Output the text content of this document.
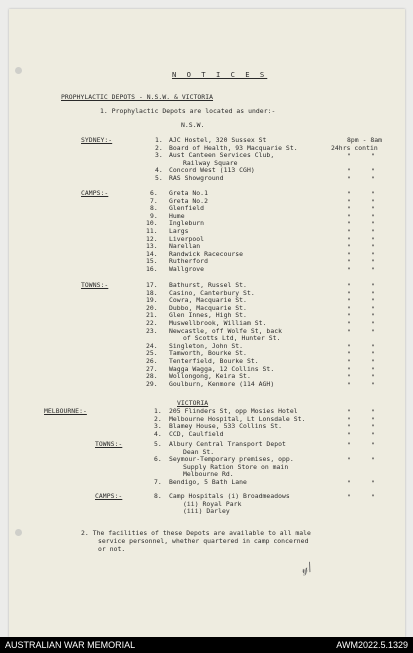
N O T I C E S
PROPHYLACTIC DEPOTS - N.S.W. & VICTORIA
1. Prophylactic Depots are located as under:-
N.S.W.
SYDNEY:-	1. AJC Hostel, 320 Sussex St	8pm - 8am
2. Board of Health, 93 Macquarie St.	24hrs contin
3. Aust Canteen Services Club,	"	"
Railway Square
4. Concord West (113 CGH)	"	"
5. RAS Showground	"	"
CAMPS:-	6. Greta No.1	"	"
7. Greta No.2	"	"
8. Glenfield	"	"
9. Hume	"	"
10. Ingleburn	"	"
11. Largs	"	"
12. Liverpool	"	"
13. Narellan	"	"
14. Randwick Racecourse	"	"
15. Rutherford	"	"
16. Wallgrove	"	"
TOWNS:-	17. Bathurst, Russel St.	"	"
18. Casino, Canterbury St.	"	"
19. Cowra, Macquarie St.	"	"
20. Dubbo, Macquarie St.	"	"
21. Glen Innes, High St.	"	"
22. Muswellbrook, William St.	"	"
23. Newcastle, off Wolfe St, back	"	"
of Scotts Ltd, Hunter St.
24. Singleton, John St.	"	"
25. Tamworth, Bourke St.	"	"
26. Tenterfield, Bourke St.	"	"
27. Wagga Wagga, 12 Collins St.	"	"
28. Wollongong, Keira St.	"	"
29. Goulburn, Kenmore (114 AGH)	"	"
MELBOURNE:-	1. 205 Flinders St, opp Mosies Hotel	"	"
2. Melbourne Hospital, Lt Lonsdale St.	"	"
3. Blamey House, 533 Collins St.	"	"
4. CCD, Caulfield	"	"
TOWNS:-	5. Albury Central Transport Depot	"	"
Dean St.
6. Seymour-Temporary premises, opp.	"	"
Supply Ration Store on main
Melbourne Rd.
7. Bendigo, 5 Bath Lane	"	"
CAMPS:-	8. Camp Hospitals (i) Broadmeadows	"	"
(ii) Royal Park
(iii) Darley
VICTORIA
2. The facilities of these Depots are available to all male
service personnel, whether quartered in camp concerned
or not.
𝓎/
AUSTRALIAN WAR MEMORIAL	AWM2022.5.1329
